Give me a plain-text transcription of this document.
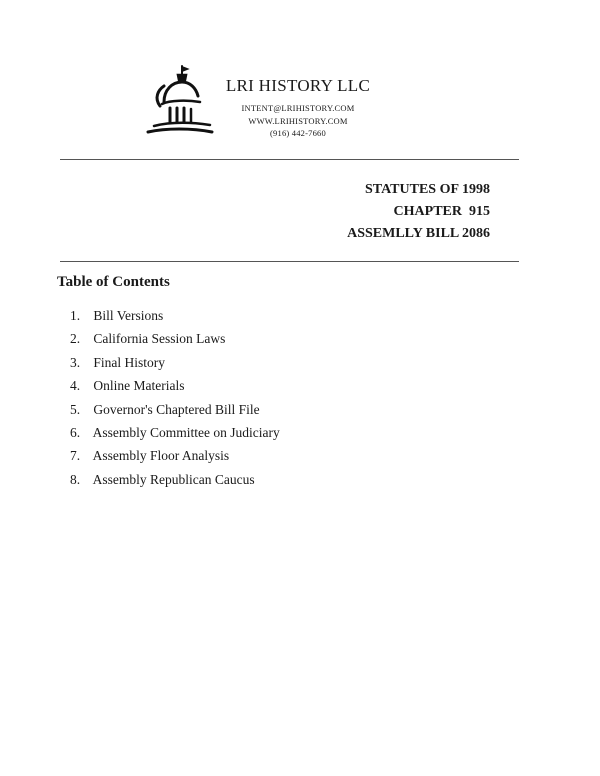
LRI HISTORY LLC
INTENT@LRIHISTORY.COM
WWW.LRIHISTORY.COM
(916) 442-7660
STATUTES OF 1998
CHAPTER  915
ASSEMLLY BILL 2086
Table of Contents
1. Bill Versions
2. California Session Laws
3. Final History
4. Online Materials
5. Governor's Chaptered Bill File
6. Assembly Committee on Judiciary
7. Assembly Floor Analysis
8. Assembly Republican Caucus
